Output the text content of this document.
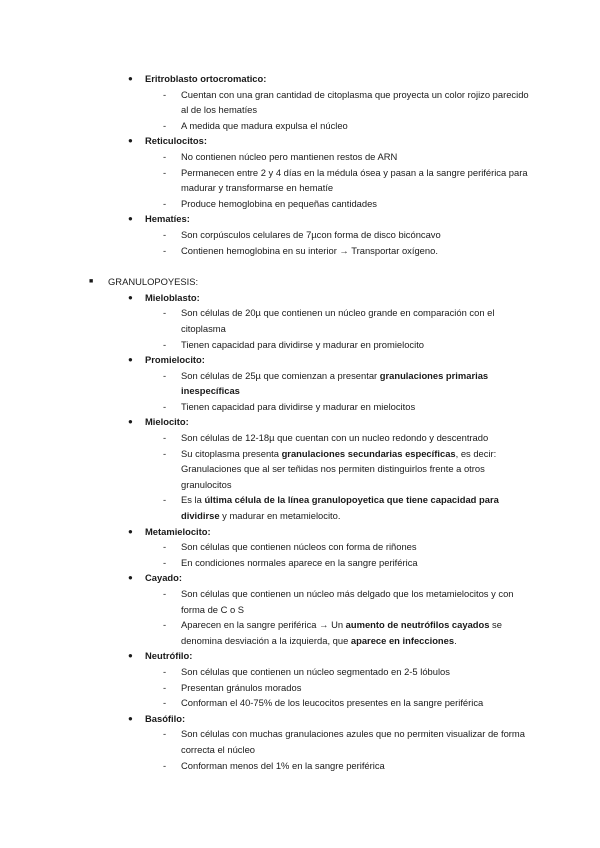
● Eritroblasto ortocromatico:
- Cuentan con una gran cantidad de citoplasma que proyecta un color rojizo parecido al de los hematíes
- A medida que madura expulsa el núcleo
● Reticulocitos:
- No contienen núcleo pero mantienen restos de ARN
- Permanecen entre 2 y 4 días en la médula ósea y pasan a la sangre periférica para madurar y transformarse en hematíe
- Produce hemoglobina en pequeñas cantidades
● Hematíes:
- Son corpúsculos celulares de 7µcon forma de disco bicóncavo
- Contienen hemoglobina en su interior → Transportar oxígeno.
■ GRANULOPOYESIS:
● Mieloblasto:
- Son células de 20µ que contienen un núcleo grande en comparación con el citoplasma
- Tienen capacidad para dividirse y madurar en promielocito
● Promielocito:
- Son células de 25µ que comienzan a presentar granulaciones primarias inespecíficas
- Tienen capacidad para dividirse y madurar en mielocitos
● Mielocito:
- Son células de 12-18µ que cuentan con un nucleo redondo y descentrado
- Su citoplasma presenta granulaciones secundarias específicas, es decir: Granulaciones que al ser teñidas nos permiten distinguirlos frente a otros granulocitos
- Es la última célula de la línea granulopoyetica que tiene capacidad para dividirse y madurar en metamielocito.
● Metamielocito:
- Son células que contienen núcleos con forma de riñones
- En condiciones normales aparece en la sangre periférica
● Cayado:
- Son células que contienen un núcleo más delgado que los metamielocitos y con forma de C o S
- Aparecen en la sangre periférica → Un aumento de neutrófilos cayados se denomina desviación a la izquierda, que aparece en infecciones.
● Neutrófilo:
- Son células que contienen un núcleo segmentado en 2-5 lóbulos
- Presentan gránulos morados
- Conforman el 40-75% de los leucocitos presentes en la sangre periférica
● Basófilo:
- Son células con muchas granulaciones azules que no permiten visualizar de forma correcta el núcleo
- Conforman menos del 1% en la sangre periférica
